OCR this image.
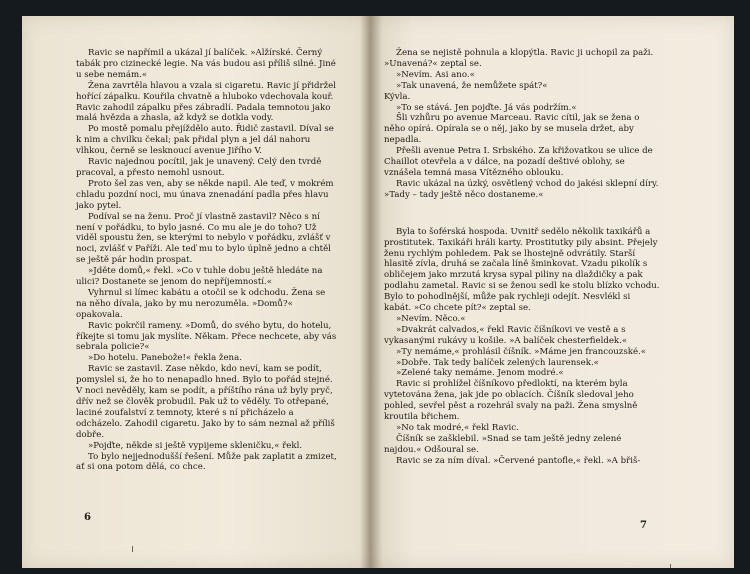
Ravic se napřímil a ukázal jí balíček. »Alžírské. Černý tabák pro cizinecké legie. Na vás budou asi příliš silné. Jiné u sebe nemám.«

Žena zavrtěla hlavou a vzala si cigaretu. Ravic jí přidržel hořící zápalku. Kouřila chvatně a hluboko vdechovala kouř. Ravic zahodil zápalku přes zábradlí. Padala temnotou jako malá hvězda a zhasla, až když se dotkla vody.

Po mostě pomalu přejíždělo auto. Řidič zastavil. Díval se k nim a chvilku čekal; pak přidal plyn a jel dál nahoru vlhkou, černě se lesknoucí avenue Jiřího V.

Ravic najednou pocítil, jak je unavený. Celý den tvrdě pracoval, a přesto nemohl usnout.

Proto šel zas ven, aby se někde napil. Ale teď, v mokrém chladu pozdní noci, mu únava znenadání padla přes hlavu jako pytel.

Podíval se na ženu. Proč jí vlastně zastavil? Něco s ní není v pořádku, to bylo jasné. Co mu ale je do toho? Už viděl spoustu žen, se kterými to nebylo v pořádku, zvlášť v noci, zvlášť v Paříži. Ale teď mu to bylo úplně jedno a chtěl se ještě pár hodin prospat.

»Jděte domů,« řekl. »Co v tuhle dobu ještě hledáte na ulici? Dostanete se jenom do nepříjemností.«

Vyhrnul si límec kabátu a otočil se k odchodu. Žena se na něho dívala, jako by mu nerozuměla. »Domů?« opakovala.

Ravic pokrčil rameny. »Domů, do svého bytu, do hotelu, říkejte si tomu jak myslíte. Někam. Přece nechcete, aby vás sebrala policie?«

»Do hotelu. Panebože!« řekla žena.

Ravic se zastavil. Zase někdo, kdo neví, kam se podít, pomyslel si, že ho to nenapadlo hned. Bylo to pořád stejné. V noci nevěděly, kam se podít, a příštího rána už byly pryč, dřív než se člověk probudil. Pak už to věděly. To otřepané, laciné zoufalství z temnoty, které s ní přicházelo a odcházelo. Zahodil cigaretu. Jako by to sám neznal až příliš dobře.

»Pojďte, někde si ještě vypijeme skleničku,« řekl.

To bylo nejjednodušší řešení. Může pak zaplatit a zmizet, ať si ona potom dělá, co chce.

6

Žena se nejistě pohnula a klopýtla. Ravic ji uchopil za paži. »Unavená?« zeptal se.

»Nevím. Asi ano.«

»Tak unavená, že nemůžete spát?«

Kývla.

»To se stává. Jen pojďte. Já vás podržím.«

Šli vzhůru po avenue Marceau. Ravic cítil, jak se žena o něho opírá. Opírala se o něj, jako by se musela držet, aby nepadla.

Přešli avenue Petra I. Srbského. Za křižovatkou se ulice de Chaillot otevřela a v dálce, na pozadí deštivé oblohy, se vznášela temná masa Vítězného oblouku.

Ravic ukázal na úzký, osvětlený vchod do jakési sklepní díry. »Tady – tady ještě něco dostaneme.«

Byla to šoférská hospoda. Uvnitř sedělo několik taxikářů a prostitutek. Taxikáři hráli karty. Prostitutky pily absint. Přejely ženu rychlým pohledem. Pak se lhostejně odvrátily. Starší hlasitě zívla, druhá se začala líně šminkovat. Vzadu pikolík s obličejem jako mrzutá krysa sypal piliny na dlaždičky a pak podlahu zametal. Ravic si se ženou sedl ke stolu blízko vchodu. Bylo to pohodlnější, může pak rychleji odejít. Nesvlékl si kabát. »Co chcete pít?« zeptal se.

»Nevím. Něco.«

»Dvakrát calvados,« řekl Ravic číšníkovi ve vestě a s vykasanými rukávy u košile. »A balíček chesterfieldek.«

»Ty nemáme,« prohlásil číšník. »Máme jen francouzské.«

»Dobře. Tak tedy balíček zelených laurensek.«

»Zelené taky nemáme. Jenom modré.«

Ravic si prohlížel číšníkovo předloktí, na kterém byla vytetována žena, jak jde po oblacích. Číšník sledoval jeho pohled, sevřel pěst a rozehrál svaly na paži. Žena smyslně kroutila břichem.

»No tak modré,« řekl Ravic.

Číšník se zašklebil. »Snad se tam ještě jedny zelené najdou.« Odšoural se.

Ravic se za ním díval. »Červené pantofle,« řekl. »A břiš-

7
